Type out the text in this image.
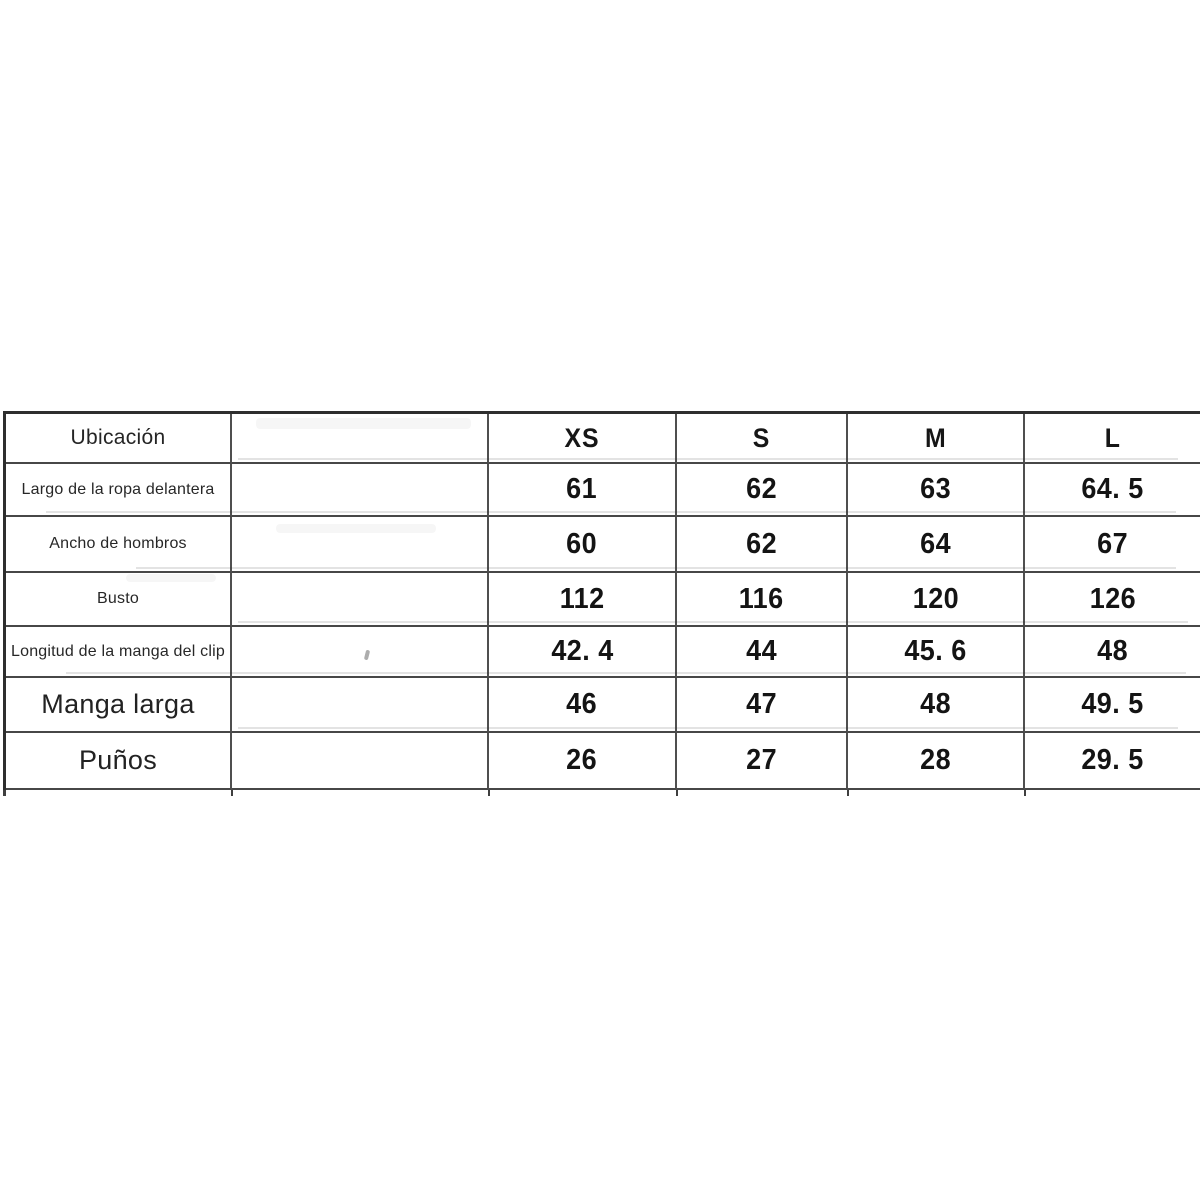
Ubicación	XS	S	M	L
Largo de la ropa delantera	61	62	63	64. 5
Ancho de hombros	60	62	64	67
Busto	112	116	120	126
Longitud de la manga del clip	42. 4	44	45. 6	48
Manga larga	46	47	48	49. 5
Puños	26	27	28	29. 5
